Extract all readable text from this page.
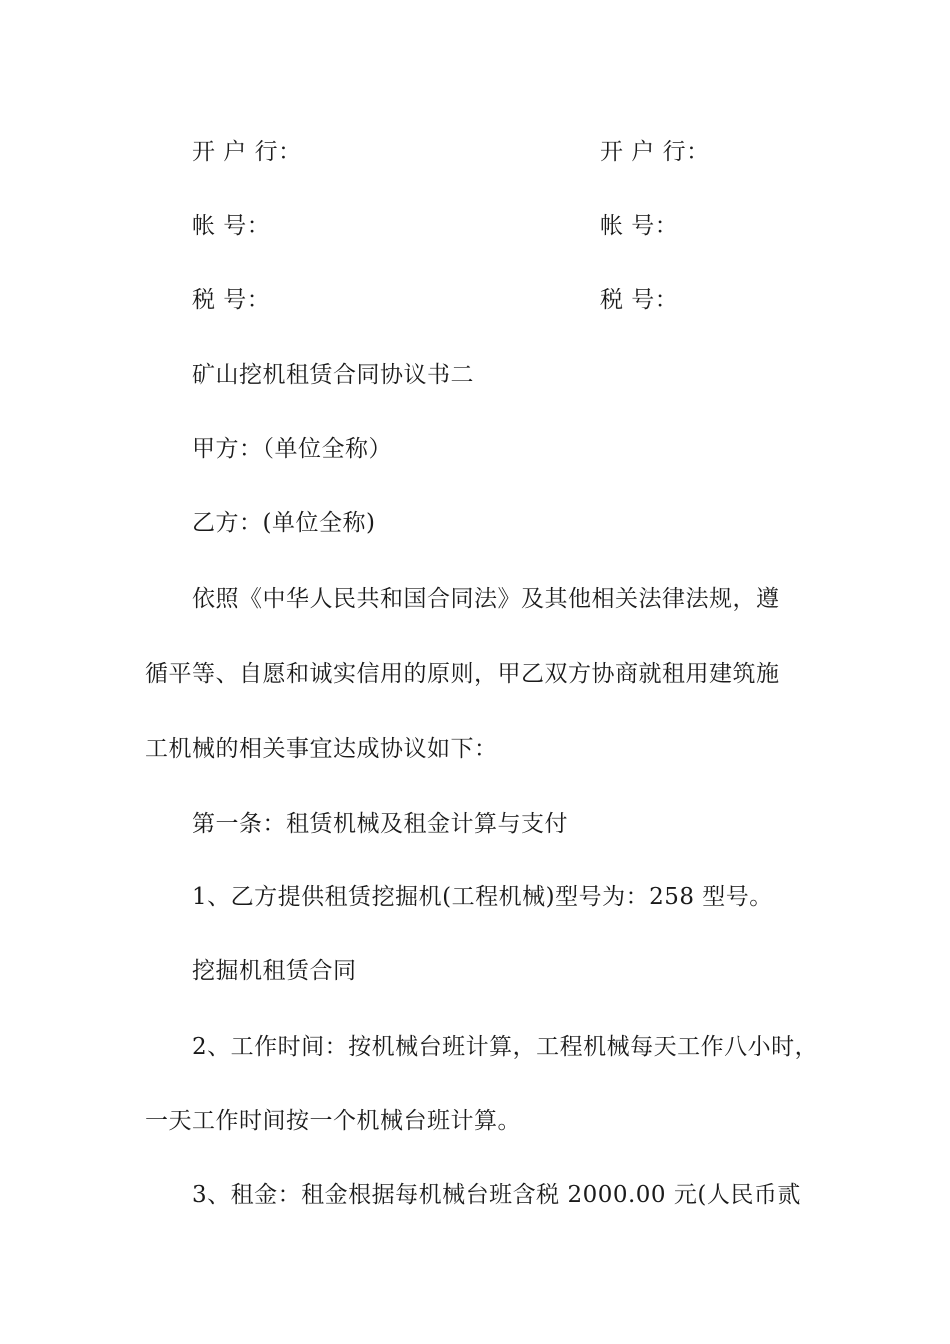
开 户 行：	开 户 行：
帐 号：	帐 号：
税 号：	税 号：
矿山挖机租赁合同协议书二
甲方：（单位全称）
乙方：(单位全称)
依照《中华人民共和国合同法》及其他相关法律法规，遵
循平等、自愿和诚实信用的原则，甲乙双方协商就租用建筑施
工机械的相关事宜达成协议如下：
第一条：租赁机械及租金计算与支付
1、乙方提供租赁挖掘机(工程机械)型号为：258 型号。
挖掘机租赁合同
2、工作时间：按机械台班计算，工程机械每天工作八小时，
一天工作时间按一个机械台班计算。
3、租金：租金根据每机械台班含税 2000.00 元(人民币贰
